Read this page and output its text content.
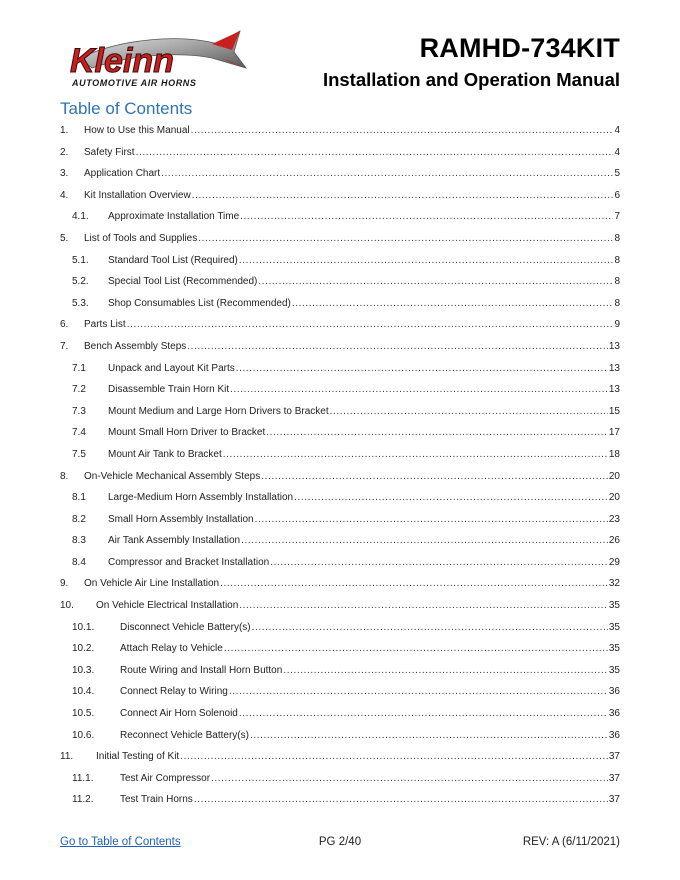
Kleinn
AUTOMOTIVE AIR HORNS
RAMHD-734KIT
Installation and Operation Manual
Table of Contents
1.	How to Use this Manual .....	4
2.	Safety First .....	4
3.	Application Chart .....	5
4.	Kit Installation Overview .....	6
4.1.	Approximate Installation Time .....	7
5.	List of Tools and Supplies .....	8
5.1.	Standard Tool List (Required) .....	8
5.2.	Special Tool List (Recommended) .....	8
5.3.	Shop Consumables List (Recommended) .....	8
6.	Parts List .....	9
7.	Bench Assembly Steps .....	13
7.1	Unpack and Layout Kit Parts .....	13
7.2	Disassemble Train Horn Kit .....	13
7.3	Mount Medium and Large Horn Drivers to Bracket .....	15
7.4	Mount Small Horn Driver to Bracket .....	17
7.5	Mount Air Tank to Bracket .....	18
8.	On-Vehicle Mechanical Assembly Steps .....	20
8.1	Large-Medium Horn Assembly Installation .....	20
8.2	Small Horn Assembly Installation .....	23
8.3	Air Tank Assembly Installation .....	26
8.4	Compressor and Bracket Installation .....	29
9.	On Vehicle Air Line Installation .....	32
10.	On Vehicle Electrical Installation .....	35
10.1.	Disconnect Vehicle Battery(s) .....	35
10.2.	Attach Relay to Vehicle .....	35
10.3.	Route Wiring and Install Horn Button .....	35
10.4.	Connect Relay to Wiring .....	36
10.5.	Connect Air Horn Solenoid .....	36
10.6.	Reconnect Vehicle Battery(s) .....	36
11.	Initial Testing of Kit .....	37
11.1.	Test Air Compressor .....	37
11.2.	Test Train Horns .....	37
Go to Table of Contents	PG 2/40	REV: A (6/11/2021)
